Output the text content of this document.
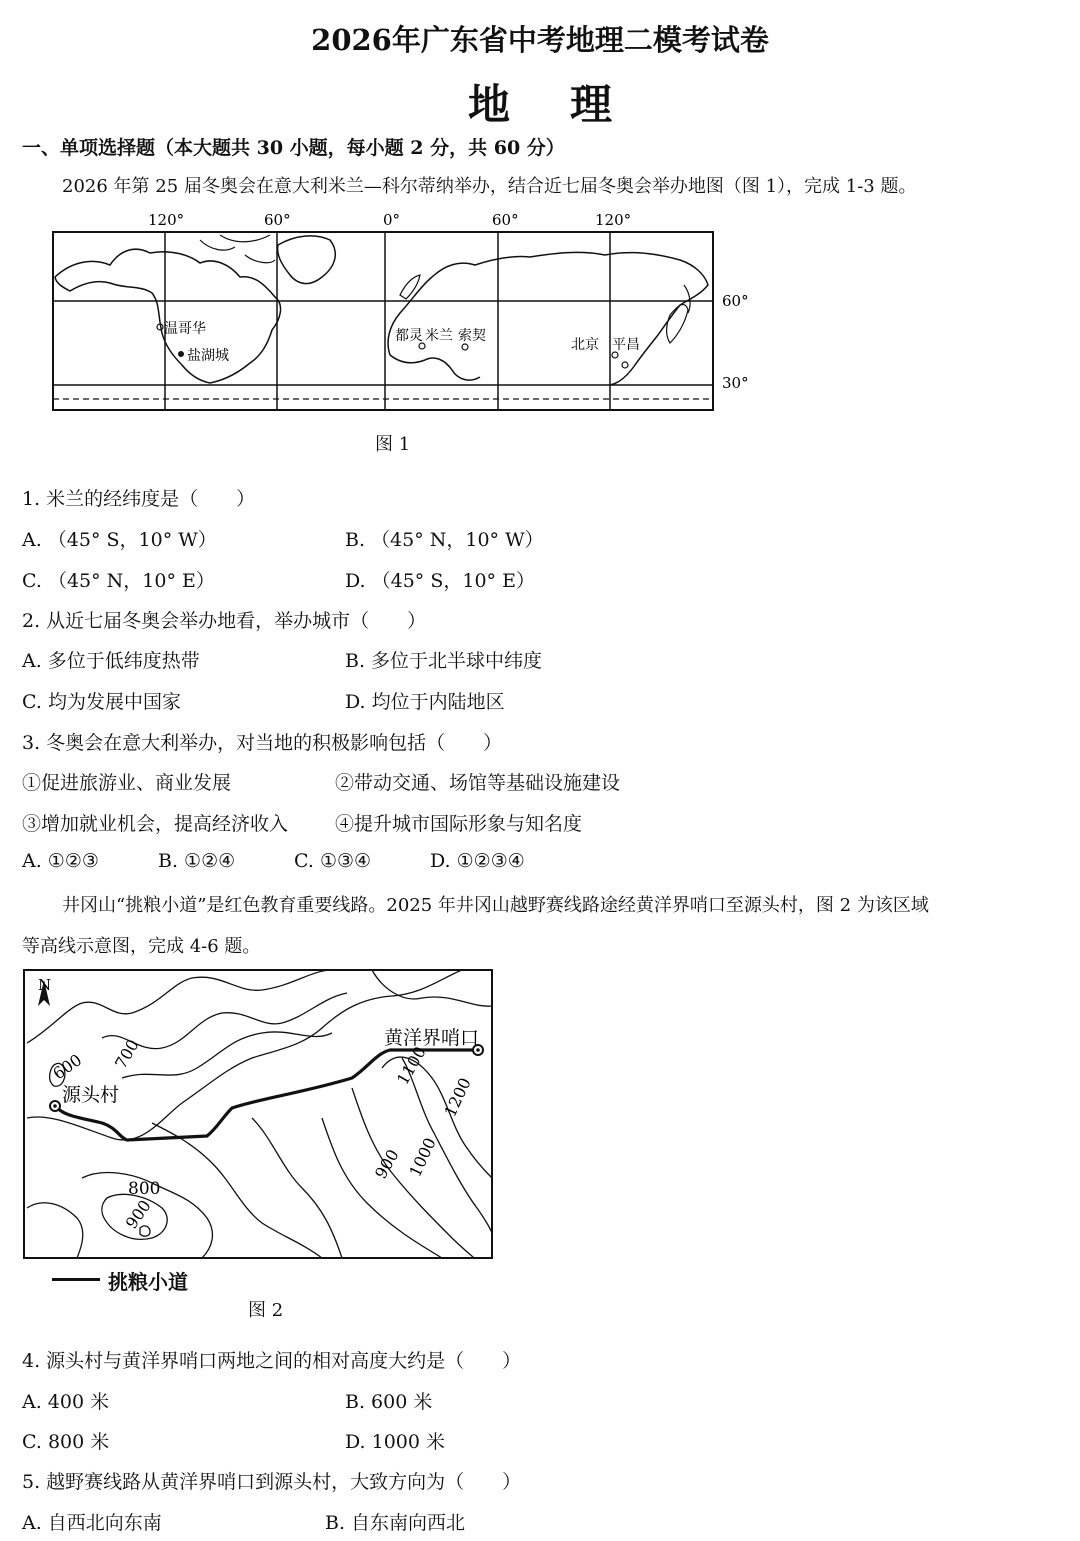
2026年广东省中考地理二模考试卷
地理
一、单项选择题（本大题共 30 小题，每小题 2 分，共 60 分）
2026 年第 25 届冬奥会在意大利米兰—科尔蒂纳举办，结合近七届冬奥会举办地图（图 1），完成 1-3 题。
120°	60°	0°	60°	120°
60°
30°
温哥华
盐湖城
都灵 米兰 索契
北京 平昌
图 1
1. 米兰的经纬度是（　　）
A. （45° S，10° W）	B. （45° N，10° W）
C. （45° N，10° E）	D. （45° S，10° E）
2. 从近七届冬奥会举办地看，举办城市（　　）
A. 多位于低纬度热带	B. 多位于北半球中纬度
C. 均为发展中国家	D. 均位于内陆地区
3. 冬奥会在意大利举办，对当地的积极影响包括（　　）
①促进旅游业、商业发展	②带动交通、场馆等基础设施建设
③增加就业机会，提高经济收入 ④提升城市国际形象与知名度
A. ①②③	B. ①②④	C. ①③④	D. ①②③④
井冈山“挑粮小道”是红色教育重要线路。2025 年井冈山越野赛线路途经黄洋界哨口至源头村，图 2 为该区域
等高线示意图，完成 4-6 题。
N
黄洋界哨口
源头村
600 700	1100
1200
1000
900
800
900
挑粮小道
图 2
4. 源头村与黄洋界哨口两地之间的相对高度大约是（　　）
A. 400 米	B. 600 米
C. 800 米	D. 1000 米
5. 越野赛线路从黄洋界哨口到源头村，大致方向为（　　）
A. 自西北向东南	B. 自东南向西北
